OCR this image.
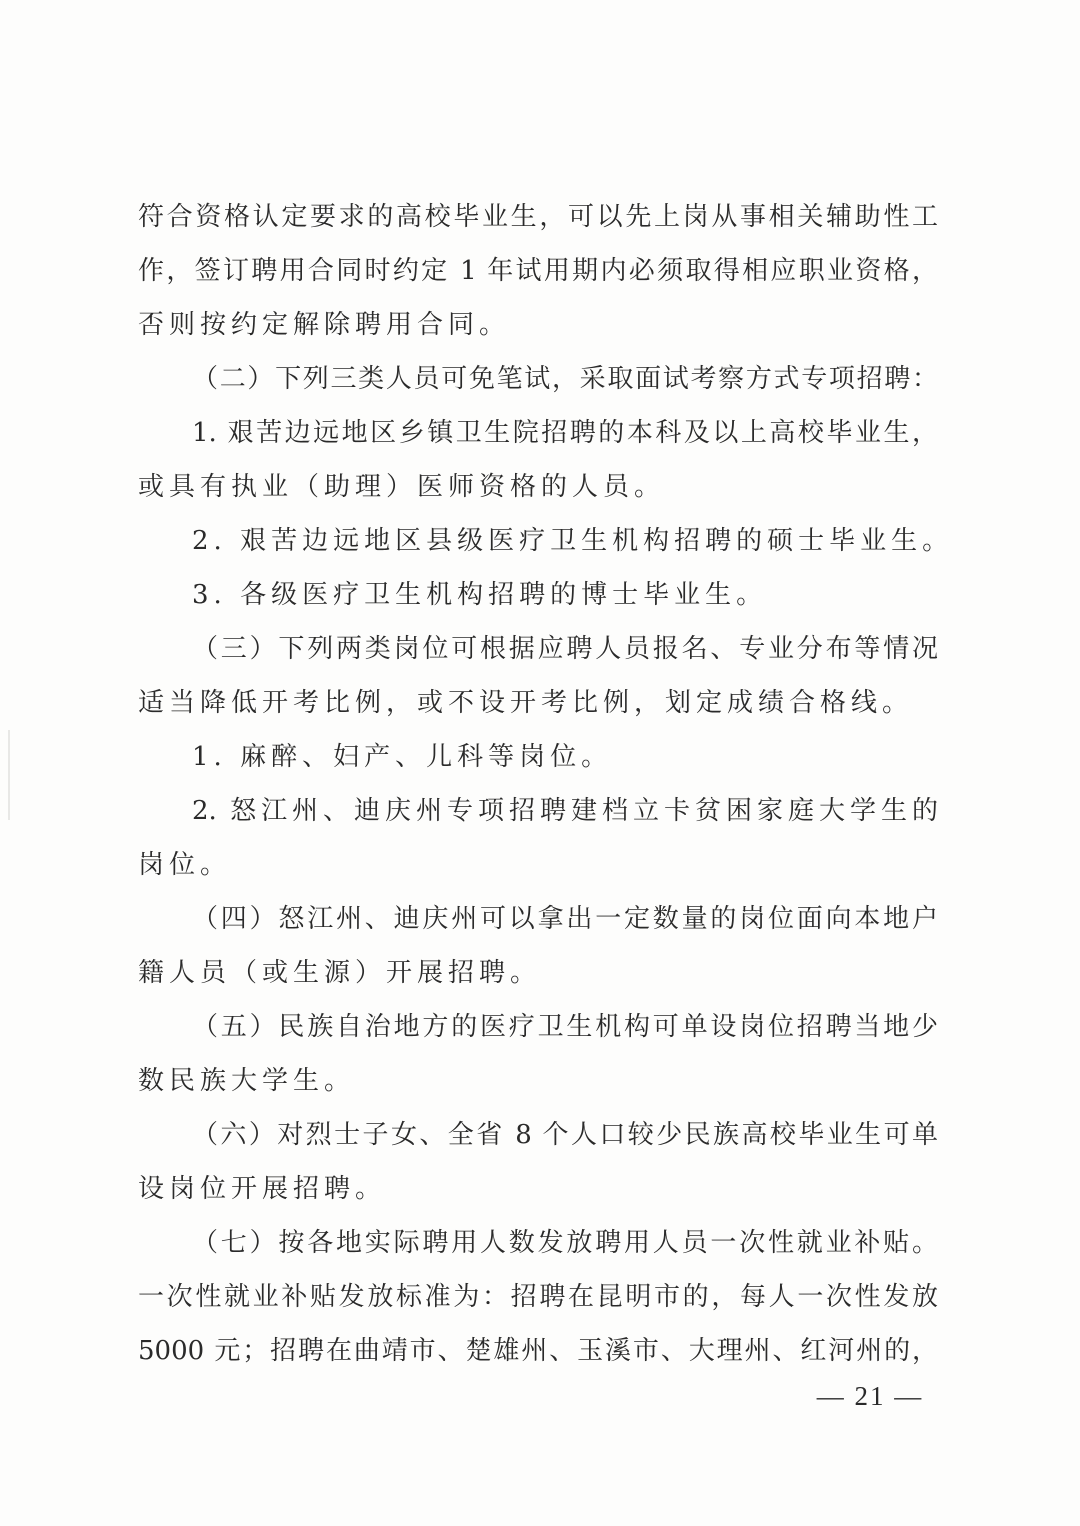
符合资格认定要求的高校毕业生，可以先上岗从事相关辅助性工
作，签订聘用合同时约定 1 年试用期内必须取得相应职业资格，
否则按约定解除聘用合同。
（二）下列三类人员可免笔试，采取面试考察方式专项招聘：
1. 艰苦边远地区乡镇卫生院招聘的本科及以上高校毕业生，
或具有执业（助理）医师资格的人员。
2. 艰苦边远地区县级医疗卫生机构招聘的硕士毕业生。
3. 各级医疗卫生机构招聘的博士毕业生。
（三）下列两类岗位可根据应聘人员报名、专业分布等情况
适当降低开考比例，或不设开考比例，划定成绩合格线。
1. 麻醉、妇产、儿科等岗位。
2. 怒江州、迪庆州专项招聘建档立卡贫困家庭大学生的
岗位。
（四）怒江州、迪庆州可以拿出一定数量的岗位面向本地户
籍人员（或生源）开展招聘。
（五）民族自治地方的医疗卫生机构可单设岗位招聘当地少
数民族大学生。
（六）对烈士子女、全省 8 个人口较少民族高校毕业生可单
设岗位开展招聘。
（七）按各地实际聘用人数发放聘用人员一次性就业补贴。
一次性就业补贴发放标准为：招聘在昆明市的，每人一次性发放
5000 元；招聘在曲靖市、楚雄州、玉溪市、大理州、红河州的，
— 21 —
